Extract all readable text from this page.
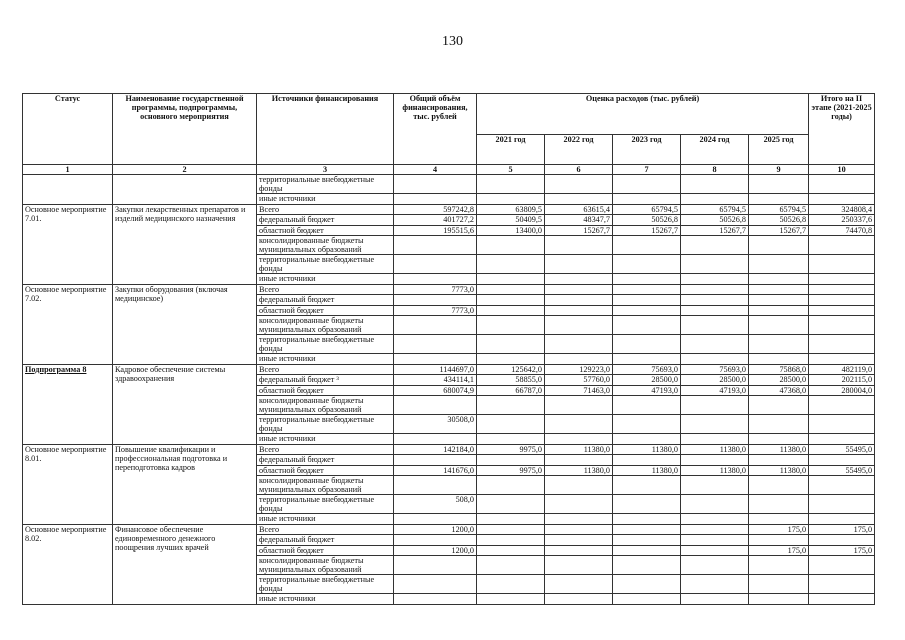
130
Статус	Наименование государственной программы, подпрограммы, основного мероприятия	Источники финансирования	Общий объём финансирования, тыс. рублей	Оценка расходов (тыс. рублей)					Итого на II этапе (2021-2025 годы)
				2021 год	2022 год	2023 год	2024 год	2025 год	
1	2	3	4	5	6	7	8	9	10
		территориальные внебюджетные фонды							
		иные источники							
Основное мероприятие 7.01.	Закупки лекарственных препаратов и изделий медицинского назначения	Всего	597242,8	63809,5	63615,4	65794,5	65794,5	65794,5	324808,4
		федеральный бюджет	401727,2	50409,5	48347,7	50526,8	50526,8	50526,8	250337,6
		областной бюджет	195515,6	13400,0	15267,7	15267,7	15267,7	15267,7	74470,8
		консолидированные бюджеты муниципальных образований							
		территориальные внебюджетные фонды							
		иные источники							
Основное мероприятие 7.02.	Закупки оборудования (включая медицинское)	Всего	7773,0						
		федеральный бюджет							
		областной бюджет	7773,0						
		консолидированные бюджеты муниципальных образований							
		территориальные внебюджетные фонды							
		иные источники							
Подпрограмма 8	Кадровое обеспечение системы здравоохранения	Всего	1144697,0	125642,0	129223,0	75693,0	75693,0	75868,0	482119,0
		федеральный бюджет ³	434114,1	58855,0	57760,0	28500,0	28500,0	28500,0	202115,0
		областной бюджет	680074,9	66787,0	71463,0	47193,0	47193,0	47368,0	280004,0
		консолидированные бюджеты муниципальных образований							
		территориальные внебюджетные фонды	30508,0						
		иные источники							
Основное мероприятие 8.01.	Повышение квалификации и профессиональная подготовка и переподготовка кадров	Всего	142184,0	9975,0	11380,0	11380,0	11380,0	11380,0	55495,0
		федеральный бюджет							
		областной бюджет	141676,0	9975,0	11380,0	11380,0	11380,0	11380,0	55495,0
		консолидированные бюджеты муниципальных образований							
		территориальные внебюджетные фонды	508,0						
		иные источники							
Основное мероприятие 8.02.	Финансовое обеспечение единовременного денежного поощрения лучших врачей	Всего	1200,0					175,0	175,0
		федеральный бюджет							
		областной бюджет	1200,0					175,0	175,0
		консолидированные бюджеты муниципальных образований							
		территориальные внебюджетные фонды							
		иные источники							
